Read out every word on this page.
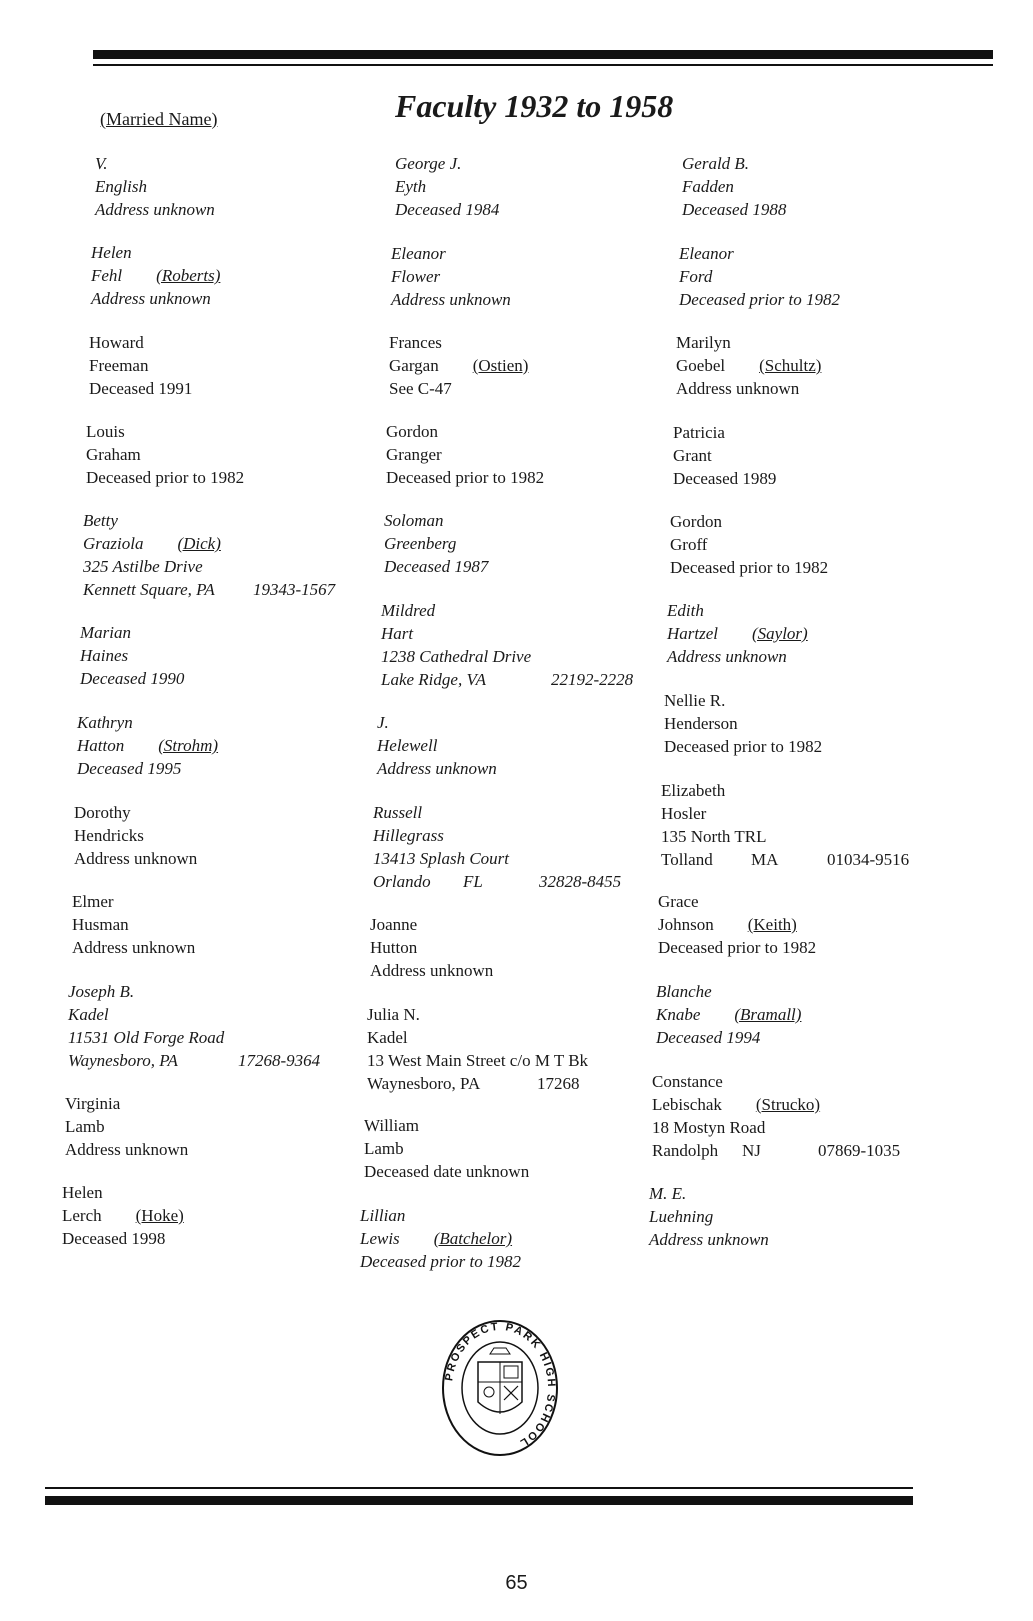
(Married Name)	Faculty 1932 to 1958
V.
English
Address unknown
Helen
Fehl (Roberts)
Address unknown
Howard
Freeman
Deceased 1991
Louis
Graham
Deceased prior to 1982
Betty
Graziola (Dick)
325 Astilbe Drive
Kennett Square, PA 19343-1567
Marian
Haines
Deceased 1990
Kathryn
Hatton (Strohm)
Deceased 1995
Dorothy
Hendricks
Address unknown
Elmer
Husman
Address unknown
Joseph B.
Kadel
11531 Old Forge Road
Waynesboro, PA	17268-9364
Virginia
Lamb
Address unknown
Helen
Lerch (Hoke)
Deceased 1998
George J.
Eyth
Deceased 1984
Eleanor
Flower
Address unknown
Frances
Gargan (Ostien)
See C-47
Gordon
Granger
Deceased prior to 1982
Soloman
Greenberg
Deceased 1987
Mildred
Hart
1238 Cathedral Drive
Lake Ridge, VA	22192-2228
J.
Helewell
Address unknown
Russell
Hillegrass
13413 Splash Court
Orlando FL	32828-8455
Joanne
Hutton
Address unknown
Julia N.
Kadel
13 West Main Street c/o M T Bk
Waynesboro, PA	17268
William
Lamb
Deceased date unknown
Lillian
Lewis (Batchelor)
Deceased prior to 1982
Gerald B.
Fadden
Deceased 1988
Eleanor
Ford
Deceased prior to 1982
Marilyn
Goebel (Schultz)
Address unknown
Patricia
Grant
Deceased 1989
Gordon
Groff
Deceased prior to 1982
Edith
Hartzel (Saylor)
Address unknown
Nellie R.
Henderson
Deceased prior to 1982
Elizabeth
Hosler
135 North TRL
Tolland MA	01034-9516
Grace
Johnson (Keith)
Deceased prior to 1982
Blanche
Knabe (Bramall)
Deceased 1994
Constance
Lebischak (Strucko)
18 Mostyn Road
Randolph NJ	07869-1035
M. E.
Luehning
Address unknown
PROSPECT PARK HIGH SCHOOL
65
